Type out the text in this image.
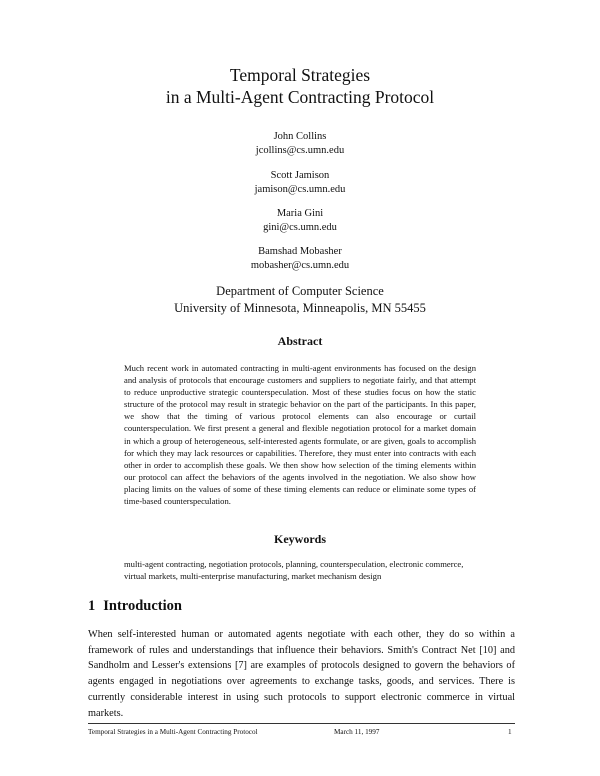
Temporal Strategies
in a Multi-Agent Contracting Protocol
John Collins
jcollins@cs.umn.edu
Scott Jamison
jamison@cs.umn.edu
Maria Gini
gini@cs.umn.edu
Bamshad Mobasher
mobasher@cs.umn.edu
Department of Computer Science
University of Minnesota, Minneapolis, MN 55455
Abstract
Much recent work in automated contracting in multi-agent environments has focused on the design and analysis of protocols that encourage customers and suppliers to negotiate fairly, and that attempt to reduce unproductive strategic counterspeculation. Most of these studies focus on how the static structure of the protocol may result in strategic behavior on the part of the participants. In this paper, we show that the timing of various protocol elements can also encourage or curtail counterspeculation. We first present a general and flexible negotiation protocol for a market domain in which a group of heterogeneous, self-interested agents formulate, or are given, goals to accomplish for which they may lack resources or capabilities. Therefore, they must enter into contracts with each other in order to accomplish these goals. We then show how selection of the timing elements within our protocol can affect the behaviors of the agents involved in the negotiation. We also show how placing limits on the values of some of these timing elements can reduce or eliminate some types of time-based counterspeculation.
Keywords
multi-agent contracting, negotiation protocols, planning, counterspeculation, electronic commerce, virtual markets, multi-enterprise manufacturing, market mechanism design
1 Introduction
When self-interested human or automated agents negotiate with each other, they do so within a framework of rules and understandings that influence their behaviors. Smith's Contract Net [10] and Sandholm and Lesser's extensions [7] are examples of protocols designed to govern the behaviors of agents engaged in negotiations over agreements to exchange tasks, goods, and services. There is currently considerable interest in using such protocols to support electronic commerce in virtual markets.
Temporal Strategies in a Multi-Agent Contracting Protocol	March 11, 1997	1
